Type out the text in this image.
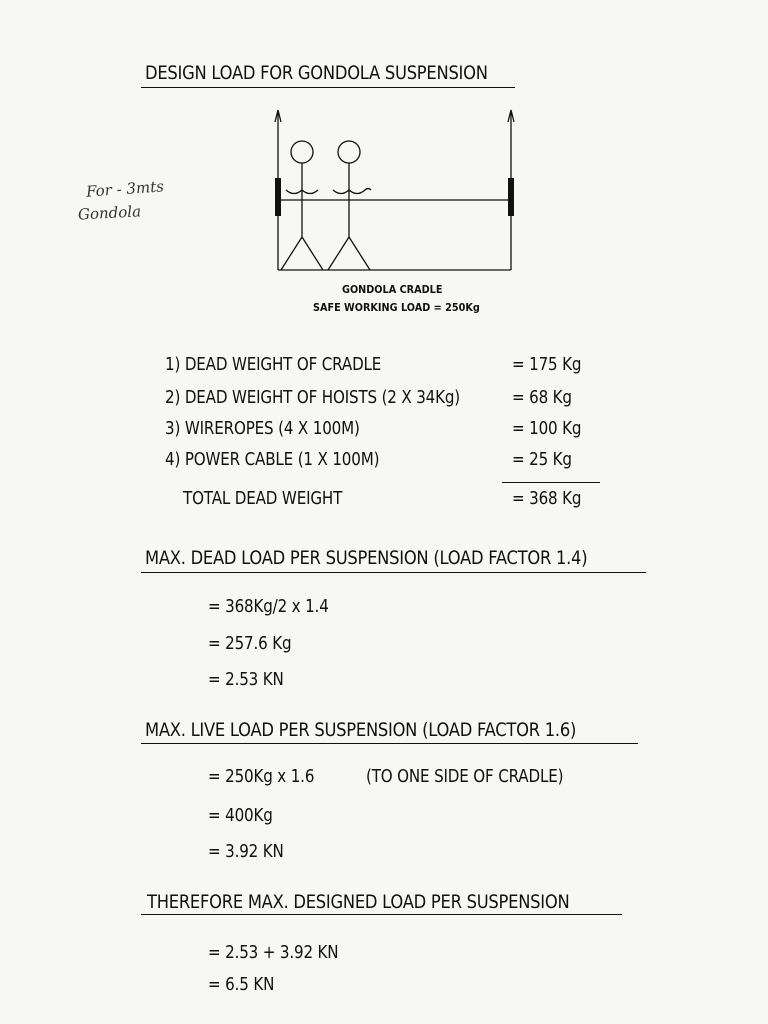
DESIGN LOAD FOR GONDOLA SUSPENSION
For - 3mts
Gondola
GONDOLA CRADLE
SAFE WORKING LOAD = 250Kg
1) DEAD WEIGHT OF CRADLE	= 175 Kg
2) DEAD WEIGHT OF HOISTS (2 X 34Kg)	= 68 Kg
3) WIREROPES (4 X 100M)	= 100 Kg
4) POWER CABLE (1 X 100M)	= 25 Kg
TOTAL DEAD WEIGHT	= 368 Kg
MAX. DEAD LOAD PER SUSPENSION (LOAD FACTOR 1.4)
= 368Kg/2 x 1.4
= 257.6 Kg
= 2.53 KN
MAX. LIVE LOAD PER SUSPENSION (LOAD FACTOR 1.6)
= 250Kg x 1.6	(TO ONE SIDE OF CRADLE)
= 400Kg
= 3.92 KN
THEREFORE MAX. DESIGNED LOAD PER SUSPENSION
= 2.53 + 3.92 KN
= 6.5 KN
